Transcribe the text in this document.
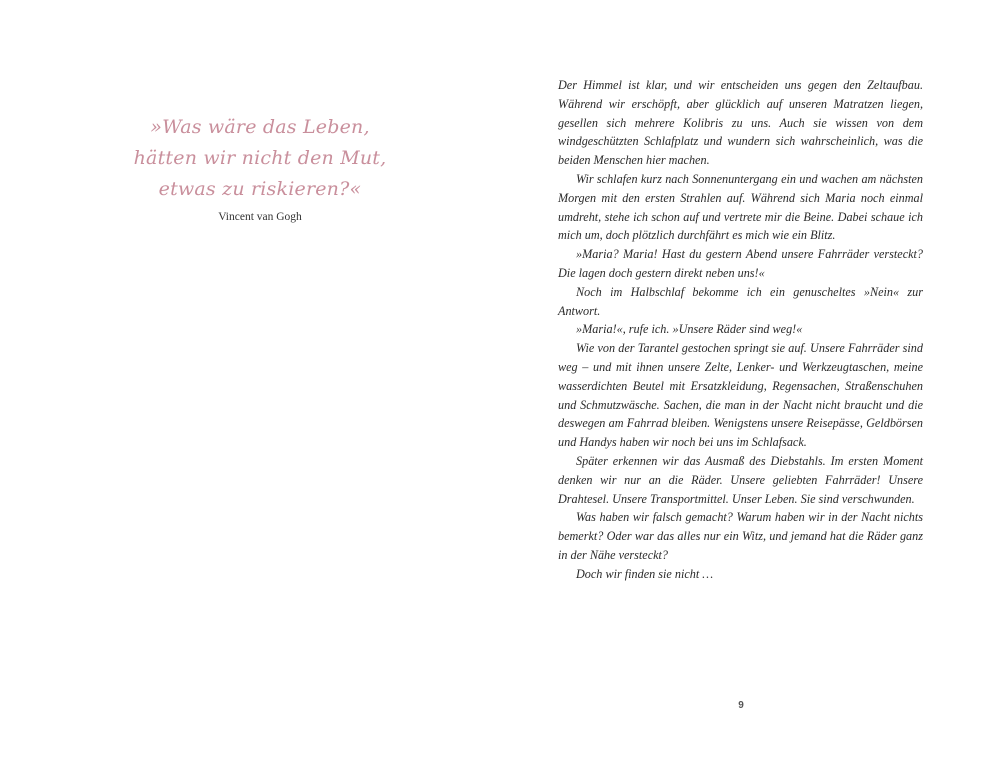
»Was wäre das Leben,
hätten wir nicht den Mut,
etwas zu riskieren?«
Vincent van Gogh

Der Himmel ist klar, und wir entscheiden uns gegen den Zeltaufbau. Während wir erschöpft, aber glücklich auf unseren Matratzen liegen, gesellen sich mehrere Kolibris zu uns. Auch sie wissen von dem windgeschützten Schlafplatz und wundern sich wahrscheinlich, was die beiden Menschen hier machen.

Wir schlafen kurz nach Sonnenuntergang ein und wachen am nächsten Morgen mit den ersten Strahlen auf. Während sich Maria noch einmal umdreht, stehe ich schon auf und vertrete mir die Beine. Dabei schaue ich mich um, doch plötzlich durchfährt es mich wie ein Blitz.

»Maria? Maria! Hast du gestern Abend unsere Fahrräder versteckt? Die lagen doch gestern direkt neben uns!«

Noch im Halbschlaf bekomme ich ein genuscheltes »Nein« zur Antwort.

»Maria!«, rufe ich. »Unsere Räder sind weg!«

Wie von der Tarantel gestochen springt sie auf. Unsere Fahrräder sind weg – und mit ihnen unsere Zelte, Lenker- und Werkzeugtaschen, meine wasserdichten Beutel mit Ersatzkleidung, Regensachen, Straßenschuhen und Schmutzwäsche. Sachen, die man in der Nacht nicht braucht und die deswegen am Fahrrad bleiben. Wenigstens unsere Reisepässe, Geldbörsen und Handys haben wir noch bei uns im Schlafsack.

Später erkennen wir das Ausmaß des Diebstahls. Im ersten Moment denken wir nur an die Räder. Unsere geliebten Fahrräder! Unsere Drahtesel. Unsere Transportmittel. Unser Leben. Sie sind verschwunden.

Was haben wir falsch gemacht? Warum haben wir in der Nacht nichts bemerkt? Oder war das alles nur ein Witz, und jemand hat die Räder ganz in der Nähe versteckt?

Doch wir finden sie nicht …

9
